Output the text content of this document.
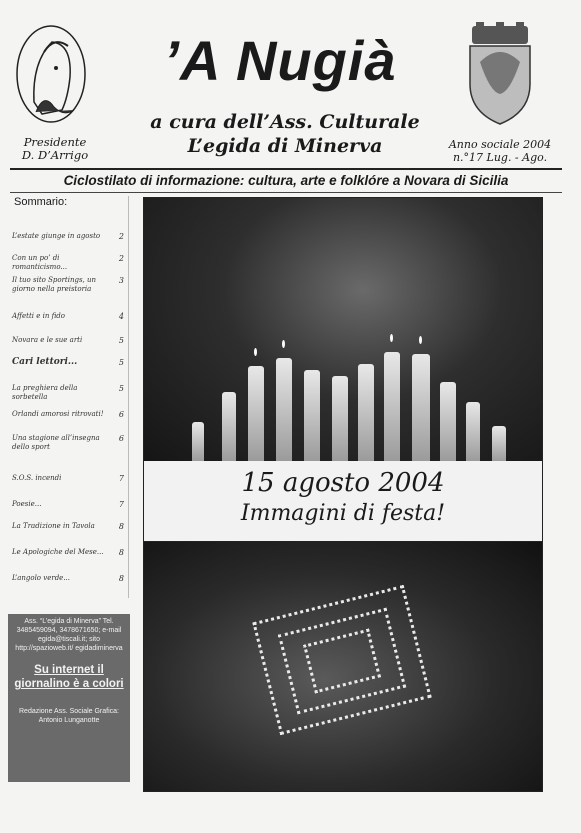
Presidente
D. D’Arrigo
’A Nugià
a cura dell’Ass. Culturale
L’egida di Minerva	Anno sociale 2004
n.°17 Lug. - Ago.
Ciclostilato di informazione: cultura, arte e folklóre a Novara di Sicilia
Sommario:
L’estate giunge in agosto 2
Con un po’ di romanticismo...
2
Il tuo sito Sportings, un giorno nella preistoria
3
Affetti e in fido	4
Novara e le sue arti	5
Cari lettori...	5
La preghiera della sorbetella
5
Orlandi amorosi ritrovati! 6
Una stagione all’insegna dello sport
6
S.O.S. incendi	7
Poesie...	7
La Tradizione in Tavola	8
Le Apologiche del Mese... 8
L’angolo verde...	8
Ass. “L’egida di Minerva” Tel. 3485459094, 3478671650; e-mail egida@tiscali.it; sito http://spazioweb.it/ egidadiminerva
Su internet il giornalino è a colori
Redazione Ass. Sociale Grafica: Antonio Lunganotte
15 agosto 2004
Immagini di festa!
